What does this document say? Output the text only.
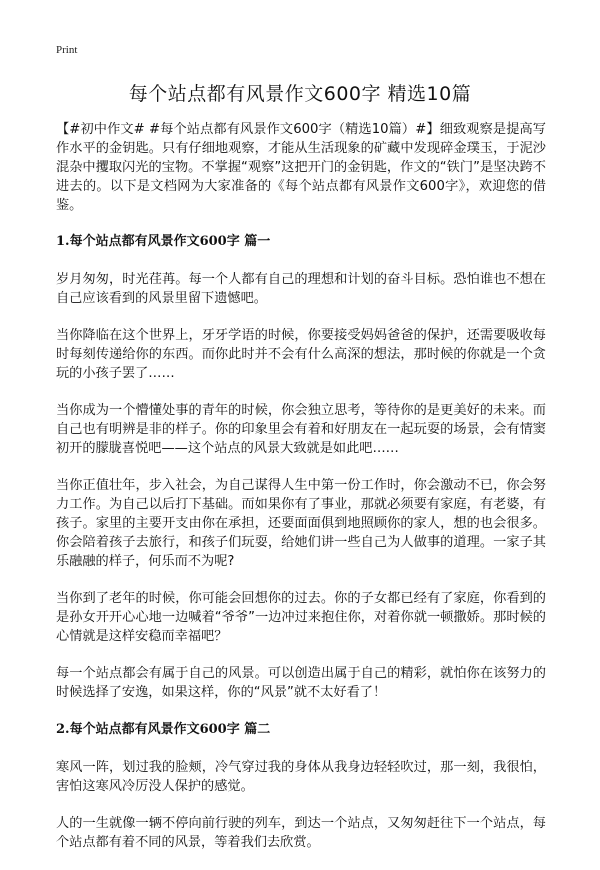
Print
每个站点都有风景作文600字 精选10篇

【#初中作文# #每个站点都有风景作文600字（精选10篇）#】细致观察是提高写作水平的金钥匙。只有仔细地观察，才能从生活现象的矿藏中发现碎金璞玉，于泥沙混杂中攫取闪光的宝物。不掌握“观察”这把开门的金钥匙，作文的“铁门”是坚决跨不进去的。以下是文档网为大家准备的《每个站点都有风景作文600字》，欢迎您的借鉴。

1.每个站点都有风景作文600字 篇一

岁月匆匆，时光荏苒。每一个人都有自己的理想和计划的奋斗目标。恐怕谁也不想在自己应该看到的风景里留下遗憾吧。

当你降临在这个世界上，牙牙学语的时候，你要接受妈妈爸爸的保护，还需要吸收每时每刻传递给你的东西。而你此时并不会有什么高深的想法，那时候的你就是一个贪玩的小孩子罢了……

当你成为一个懵懂处事的青年的时候，你会独立思考，等待你的是更美好的未来。而自己也有明辨是非的样子。你的印象里会有着和好朋友在一起玩耍的场景，会有情窦初开的朦胧喜悦吧——这个站点的风景大致就是如此吧……

当你正值壮年，步入社会，为自己谋得人生中第一份工作时，你会激动不已，你会努力工作。为自己以后打下基础。而如果你有了事业，那就必须要有家庭，有老婆，有孩子。家里的主要开支由你在承担，还要面面俱到地照顾你的家人，想的也会很多。你会陪着孩子去旅行，和孩子们玩耍，给她们讲一些自己为人做事的道理。一家子其乐融融的样子，何乐而不为呢?

当你到了老年的时候，你可能会回想你的过去。你的子女都已经有了家庭，你看到的是孙女开开心心地一边喊着“爷爷”一边冲过来抱住你，对着你就一顿撒娇。那时候的心情就是这样安稳而幸福吧？

每一个站点都会有属于自己的风景。可以创造出属于自己的精彩，就怕你在该努力的时候选择了安逸，如果这样，你的“风景”就不太好看了！

2.每个站点都有风景作文600字 篇二

寒风一阵，划过我的脸颊，冷气穿过我的身体从我身边轻轻吹过，那一刻，我很怕，害怕这寒风冷厉没人保护的感觉。

人的一生就像一辆不停向前行驶的列车，到达一个站点，又匆匆赶往下一个站点，每个站点都有着不同的风景，等着我们去欣赏。
